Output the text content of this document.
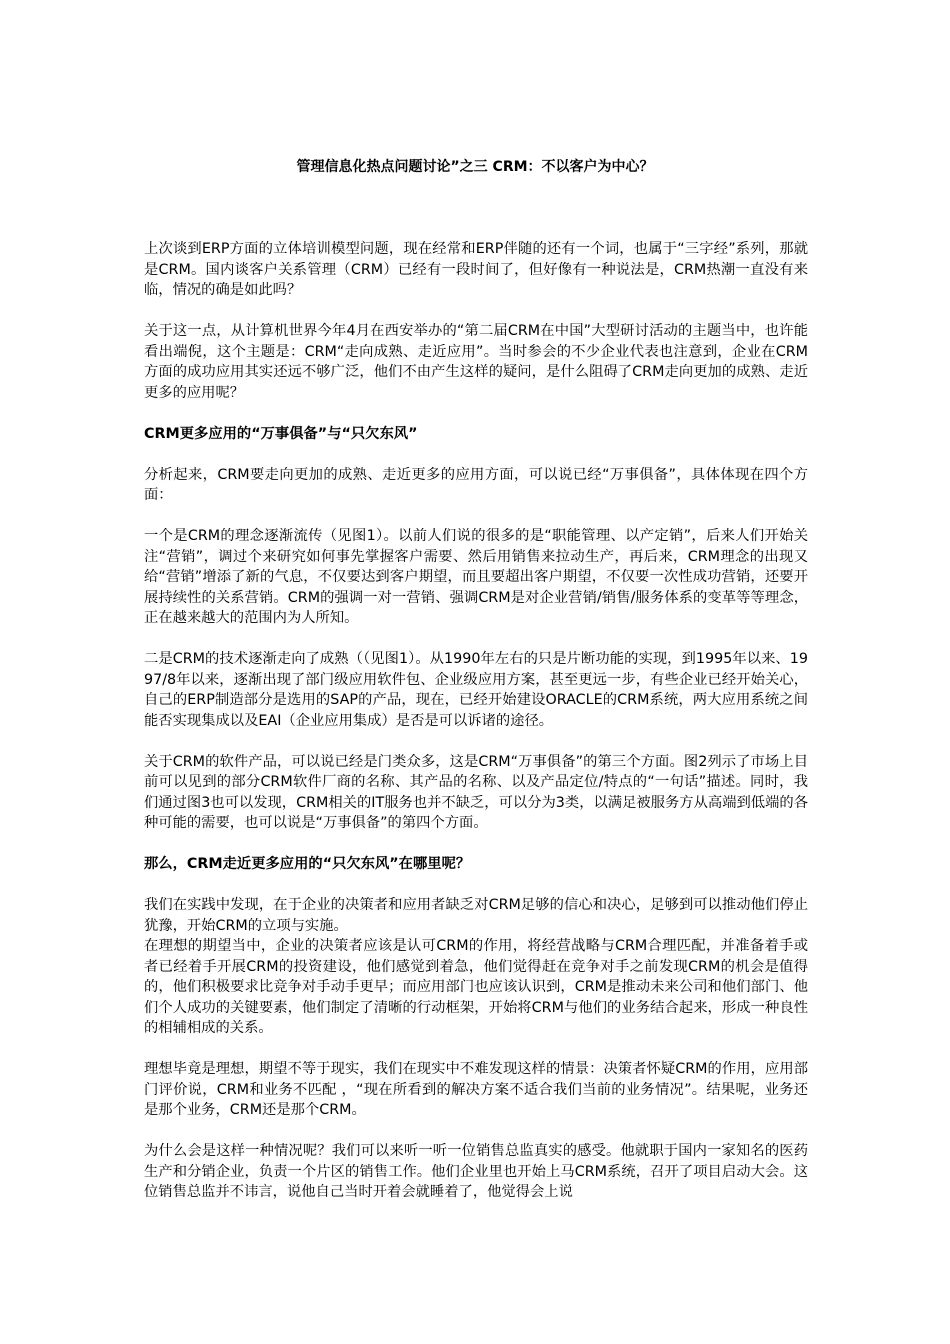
管理信息化热点问题讨论”之三 CRM：不以客户为中心？

上次谈到ERP方面的立体培训模型问题，现在经常和ERP伴随的还有一个词，也属于“三字经”系列，那就是CRM。国内谈客户关系管理（CRM）已经有一段时间了，但好像有一种说法是，CRM热潮一直没有来临，情况的确是如此吗？

关于这一点，从计算机世界今年4月在西安举办的“第二届CRM在中国”大型研讨活动的主题当中，也许能看出端倪，这个主题是：CRM“走向成熟、走近应用”。当时参会的不少企业代表也注意到，企业在CRM方面的成功应用其实还远不够广泛，他们不由产生这样的疑问，是什么阻碍了CRM走向更加的成熟、走近更多的应用呢？

CRM更多应用的“万事俱备”与“只欠东风”

分析起来，CRM要走向更加的成熟、走近更多的应用方面，可以说已经“万事俱备”，具体体现在四个方面：

一个是CRM的理念逐渐流传（见图1）。以前人们说的很多的是“职能管理、以产定销”，后来人们开始关注“营销”，调过个来研究如何事先掌握客户需要、然后用销售来拉动生产，再后来，CRM理念的出现又给“营销”增添了新的气息，不仅要达到客户期望，而且要超出客户期望，不仅要一次性成功营销，还要开展持续性的关系营销。CRM的强调一对一营销、强调CRM是对企业营销/销售/服务体系的变革等等理念，正在越来越大的范围内为人所知。

二是CRM的技术逐渐走向了成熟（（见图1）。从1990年左右的只是片断功能的实现，到1995年以来、1997/8年以来，逐渐出现了部门级应用软件包、企业级应用方案，甚至更远一步，有些企业已经开始关心，自己的ERP制造部分是选用的SAP的产品，现在，已经开始建设ORACLE的CRM系统，两大应用系统之间能否实现集成以及EAI（企业应用集成）是否是可以诉诸的途径。

关于CRM的软件产品，可以说已经是门类众多，这是CRM“万事俱备”的第三个方面。图2列示了市场上目前可以见到的部分CRM软件厂商的名称、其产品的名称、以及产品定位/特点的“一句话”描述。同时，我们通过图3也可以发现，CRM相关的IT服务也并不缺乏，可以分为3类，以满足被服务方从高端到低端的各种可能的需要，也可以说是“万事俱备”的第四个方面。

那么，CRM走近更多应用的“只欠东风”在哪里呢？

我们在实践中发现，在于企业的决策者和应用者缺乏对CRM足够的信心和决心，足够到可以推动他们停止犹豫，开始CRM的立项与实施。

在理想的期望当中，企业的决策者应该是认可CRM的作用，将经营战略与CRM合理匹配，并准备着手或者已经着手开展CRM的投资建设，他们感觉到着急，他们觉得赶在竞争对手之前发现CRM的机会是值得的，他们积极要求比竞争对手动手更早；而应用部门也应该认识到，CRM是推动未来公司和他们部门、他们个人成功的关键要素，他们制定了清晰的行动框架，开始将CRM与他们的业务结合起来，形成一种良性的相辅相成的关系。

理想毕竟是理想，期望不等于现实，我们在现实中不难发现这样的情景：决策者怀疑CRM的作用，应用部门评价说，CRM和业务不匹配 ，“现在所看到的解决方案不适合我们当前的业务情况”。结果呢，业务还是那个业务，CRM还是那个CRM。

为什么会是这样一种情况呢？我们可以来听一听一位销售总监真实的感受。他就职于国内一家知名的医药生产和分销企业，负责一个片区的销售工作。他们企业里也开始上马CRM系统，召开了项目启动大会。这位销售总监并不讳言，说他自己当时开着会就睡着了，他觉得会上说
